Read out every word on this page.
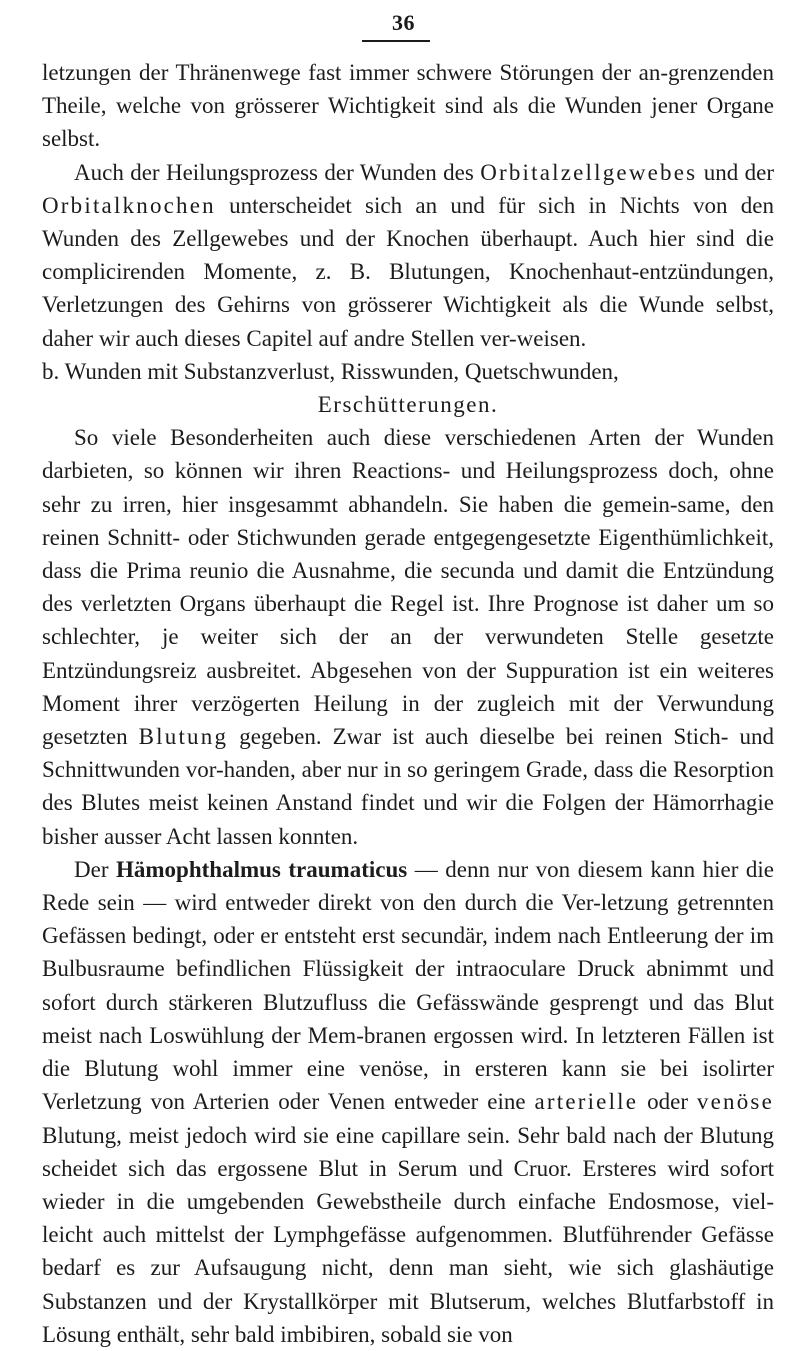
36

letzungen der Thränenwege fast immer schwere Störungen der an-grenzenden Theile, welche von grösserer Wichtigkeit sind als die Wunden jener Organe selbst.

Auch der Heilungsprozess der Wunden des Orbitalzellgewebes und der Orbitalknochen unterscheidet sich an und für sich in Nichts von den Wunden des Zellgewebes und der Knochen überhaupt. Auch hier sind die complicirenden Momente, z. B. Blutungen, Knochenhaut-entzündungen, Verletzungen des Gehirns von grösserer Wichtigkeit als die Wunde selbst, daher wir auch dieses Capitel auf andre Stellen ver-weisen.

b. Wunden mit Substanzverlust, Risswunden, Quetschwunden,
Erschütterungen.

So viele Besonderheiten auch diese verschiedenen Arten der Wunden darbieten, so können wir ihren Reactions- und Heilungsprozess doch, ohne sehr zu irren, hier insgesammt abhandeln. Sie haben die gemein-same, den reinen Schnitt- oder Stichwunden gerade entgegengesetzte Eigenthümlichkeit, dass die Prima reunio die Ausnahme, die secunda und damit die Entzündung des verletzten Organs überhaupt die Regel ist. Ihre Prognose ist daher um so schlechter, je weiter sich der an der verwundeten Stelle gesetzte Entzündungsreiz ausbreitet. Abgesehen von der Suppuration ist ein weiteres Moment ihrer verzögerten Heilung in der zugleich mit der Verwundung gesetzten Blutung gegeben. Zwar ist auch dieselbe bei reinen Stich- und Schnittwunden vor-handen, aber nur in so geringem Grade, dass die Resorption des Blutes meist keinen Anstand findet und wir die Folgen der Hämorrhagie bisher ausser Acht lassen konnten.

Der Hämophthalmus traumaticus — denn nur von diesem kann hier die Rede sein — wird entweder direkt von den durch die Ver-letzung getrennten Gefässen bedingt, oder er entsteht erst secundär, indem nach Entleerung der im Bulbusraume befindlichen Flüssigkeit der intraoculare Druck abnimmt und sofort durch stärkeren Blutzufluss die Gefässwände gesprengt und das Blut meist nach Loswühlung der Mem-branen ergossen wird. In letzteren Fällen ist die Blutung wohl immer eine venöse, in ersteren kann sie bei isolirter Verletzung von Arterien oder Venen entweder eine arterielle oder venöse Blutung, meist jedoch wird sie eine capillare sein. Sehr bald nach der Blutung scheidet sich das ergossene Blut in Serum und Cruor. Ersteres wird sofort wieder in die umgebenden Gewebstheile durch einfache Endosmose, viel-leicht auch mittelst der Lymphgefässe aufgenommen. Blutführender Gefässe bedarf es zur Aufsaugung nicht, denn man sieht, wie sich glashäutige Substanzen und der Krystallkörper mit Blutserum, welches Blutfarbstoff in Lösung enthält, sehr bald imbibiren, sobald sie von
